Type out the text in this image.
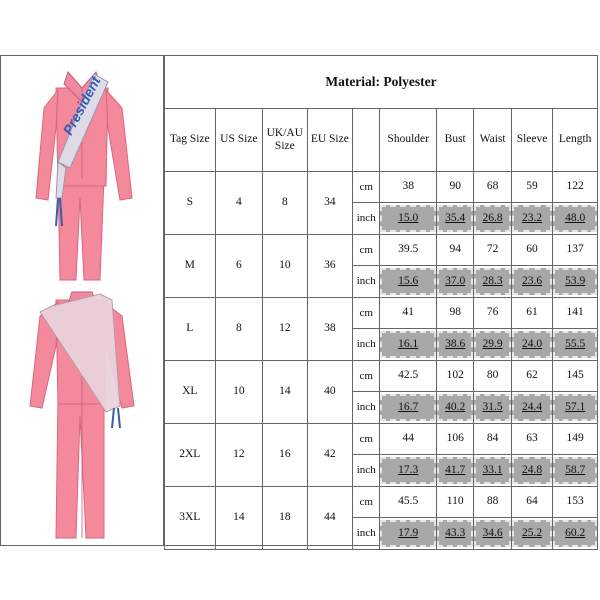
President	Material: Polyester									
Tag Size	US Size	UK/AU Size	EU Size		Shoulder	Bust	Waist	Sleeve	Length
S	4	8	34	cm	38	90	68	59	122
				inch	15.0	35.4	26.8	23.2	48.0

M	6	10	36	cm	39.5	94	72	60	137
				inch	15.6	37.0	28.3	23.6	53.9

L	8	12	38	cm	41	98	76	61	141
				inch	16.1	38.6	29.9	24.0	55.5

XL	10	14	40	cm	42.5	102	80	62	145
				inch	16.7	40.2	31.5	24.4	57.1

2XL	12	16	42	cm	44	106	84	63	149
				inch	17.3	41.7	33.1	24.8	58.7

3XL	14	18	44	cm	45.5	110	88	64	153
				inch	17.9	43.3	34.6	25.2	60.2
